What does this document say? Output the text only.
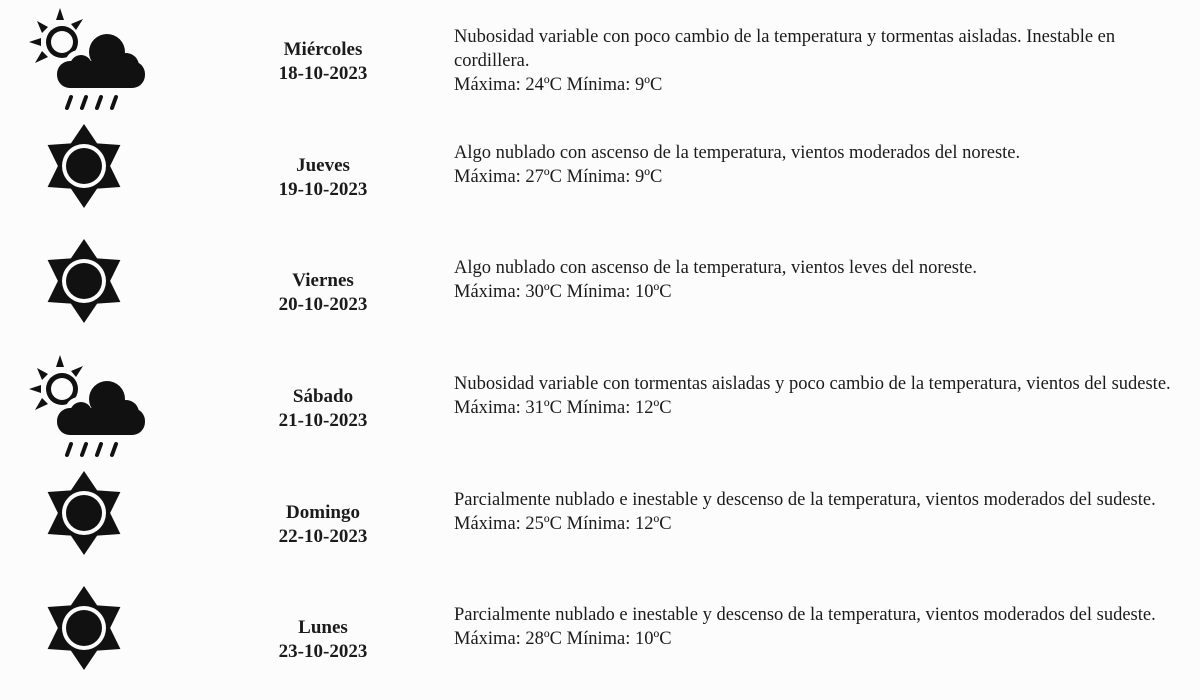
Miércoles
18-10-2023

Nubosidad variable con poco cambio de la temperatura y tormentas aisladas. Inestable en cordillera.

Máxima: 24ºC Mínima: 9ºC

Jueves
19-10-2023

Algo nublado con ascenso de la temperatura, vientos moderados del noreste.

Máxima: 27ºC Mínima: 9ºC

Viernes
20-10-2023

Algo nublado con ascenso de la temperatura, vientos leves del noreste.

Máxima: 30ºC Mínima: 10ºC

Sábado
21-10-2023

Nubosidad variable con tormentas aisladas y poco cambio de la temperatura, vientos del sudeste.

Máxima: 31ºC Mínima: 12ºC

Domingo
22-10-2023

Parcialmente nublado e inestable y descenso de la temperatura, vientos moderados del sudeste.

Máxima: 25ºC Mínima: 12ºC

Lunes
23-10-2023

Parcialmente nublado e inestable y descenso de la temperatura, vientos moderados del sudeste.

Máxima: 28ºC Mínima: 10ºC
